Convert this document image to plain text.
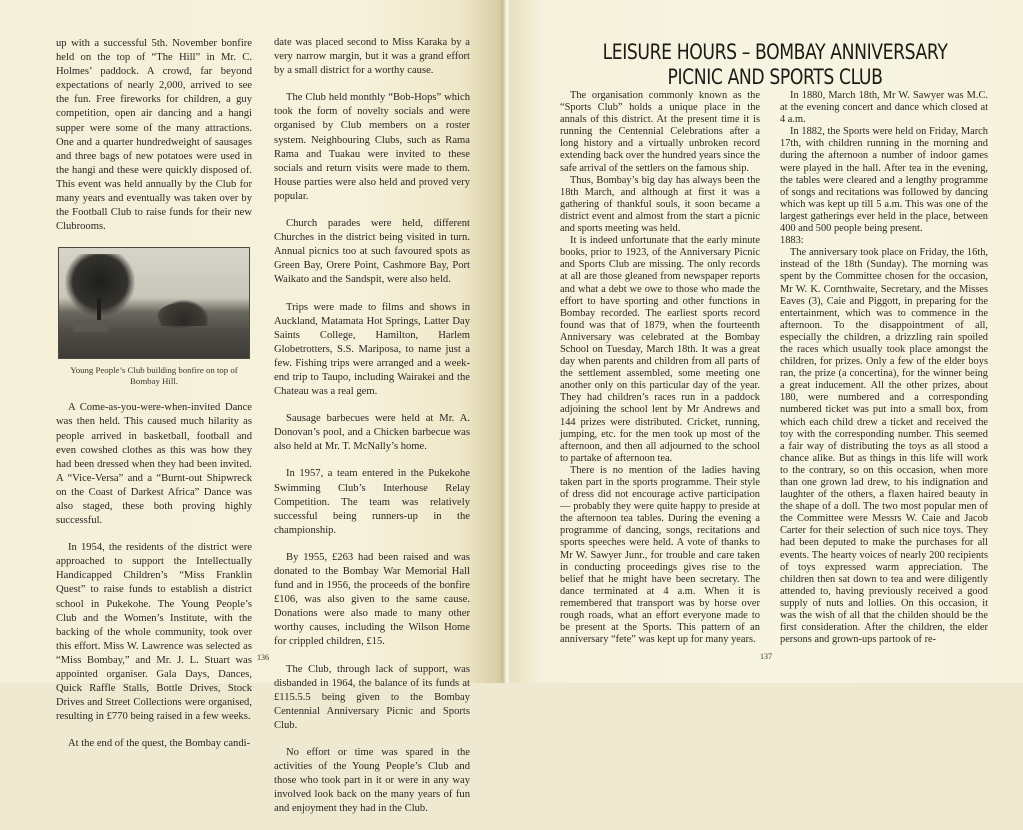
up with a successful 5th. November bonfire held on the top of “The Hill” in Mr. C. Holmes’ paddock. A crowd, far beyond expectations of nearly 2,000, arrived to see the fun. Free fireworks for children, a guy competition, open air dancing and a hangi supper were some of the many attractions. One and a quarter hundredweight of sausages and three bags of new potatoes were used in the hangi and these were quickly disposed of. This event was held annually by the Club for many years and eventually was taken over by the Football Club to raise funds for their new Clubrooms.

Young People’s Club building bonfire on top of Bombay Hill.

A Come-as-you-were-when-invited Dance was then held. This caused much hilarity as people arrived in basketball, football and even cowshed clothes as this was how they had been dressed when they had been invited. A “Vice-Versa” and a “Burnt-out Shipwreck on the Coast of Darkest Africa” Dance was also staged, these both proving highly successful.

In 1954, the residents of the district were approached to support the Intellectually Handicapped Children’s “Miss Franklin Quest” to raise funds to establish a district school in Pukekohe. The Young People’s Club and the Women’s Institute, with the backing of the whole community, took over this effort. Miss W. Lawrence was selected as “Miss Bombay,” and Mr. J. L. Stuart was appointed organiser. Gala Days, Dances, Quick Raffle Stalls, Bottle Drives, Stock Drives and Street Collections were organised, resulting in £770 being raised in a few weeks.

At the end of the quest, the Bombay candi-

date was placed second to Miss Karaka by a very narrow margin, but it was a grand effort by a small district for a worthy cause.

The Club held monthly “Bob-Hops” which took the form of novelty socials and were organised by Club members on a roster system. Neighbouring Clubs, such as Rama Rama and Tuakau were invited to these socials and return visits were made to them. House parties were also held and proved very popular.

Church parades were held, different Churches in the district being visited in turn. Annual picnics too at such favoured spots as Green Bay, Orere Point, Cashmore Bay, Port Waikato and the Sandspit, were also held.

Trips were made to films and shows in Auckland, Matamata Hot Springs, Latter Day Saints College, Hamilton, Harlem Globetrotters, S.S. Mariposa, to name just a few. Fishing trips were arranged and a week-end trip to Taupo, including Wairakei and the Chateau was a real gem.

Sausage barbecues were held at Mr. A. Donovan’s pool, and a Chicken barbecue was also held at Mr. T. McNally’s home.

In 1957, a team entered in the Pukekohe Swimming Club’s Interhouse Relay Competition. The team was relatively successful being runners-up in the championship.

By 1955, £263 had been raised and was donated to the Bombay War Memorial Hall fund and in 1956, the proceeds of the bonfire £106, was also given to the same cause. Donations were also made to many other worthy causes, including the Wilson Home for crippled children, £15.

The Club, through lack of support, was disbanded in 1964, the balance of its funds at £115.5.5 being given to the Bombay Centennial Anniversary Picnic and Sports Club.

No effort or time was spared in the activities of the Young People’s Club and those who took part in it or were in any way involved look back on the many years of fun and enjoyment they had in the Club.

136
LEISURE HOURS – BOMBAY ANNIVERSARY
PICNIC AND SPORTS CLUB

The organisation commonly known as the “Sports Club” holds a unique place in the annals of this district. At the present time it is running the Centennial Celebrations after a long history and a virtually unbroken record extending back over the hundred years since the safe arrival of the settlers on the famous ship.

Thus, Bombay’s big day has always been the 18th March, and although at first it was a gathering of thankful souls, it soon became a district event and almost from the start a picnic and sports meeting was held.

It is indeed unfortunate that the early minute books, prior to 1923, of the Anniversary Picnic and Sports Club are missing. The only records at all are those gleaned from newspaper reports and what a debt we owe to those who made the effort to have sporting and other functions in Bombay recorded. The earliest sports record found was that of 1879, when the fourteenth Anniversary was celebrated at the Bombay School on Tuesday, March 18th. It was a great day when parents and children from all parts of the settlement assembled, some meeting one another only on this particular day of the year. They had children’s races run in a paddock adjoining the school lent by Mr Andrews and 144 prizes were distributed. Cricket, running, jumping, etc. for the men took up most of the afternoon, and then all adjourned to the school to partake of afternoon tea.

There is no mention of the ladies having taken part in the sports programme. Their style of dress did not encourage active participation — probably they were quite happy to preside at the afternoon tea tables. During the evening a programme of dancing, songs, recitations and sports speeches were held. A vote of thanks to Mr W. Sawyer Junr., for trouble and care taken in conducting proceedings gives rise to the belief that he might have been secretary. The dance terminated at 4 a.m. When it is remembered that transport was by horse over rough roads, what an effort everyone made to be present at the Sports. This pattern of an anniversary “fete” was kept up for many years.

In 1880, March 18th, Mr W. Sawyer was M.C. at the evening concert and dance which closed at 4 a.m.

In 1882, the Sports were held on Friday, March 17th, with children running in the morning and during the afternoon a number of indoor games were played in the hall. After tea in the evening, the tables were cleared and a lengthy programme of songs and recitations was followed by dancing which was kept up till 5 a.m. This was one of the largest gatherings ever held in the place, between 400 and 500 people being present.

1883:

The anniversary took place on Friday, the 16th, instead of the 18th (Sunday). The morning was spent by the Committee chosen for the occasion, Mr W. K. Cornthwaite, Secretary, and the Misses Eaves (3), Caie and Piggott, in preparing for the entertainment, which was to commence in the afternoon. To the disappointment of all, especially the children, a drizzling rain spoiled the races which usually took place amongst the children, for prizes. Only a few of the elder boys ran, the prize (a concertina), for the winner being a great inducement. All the other prizes, about 180, were numbered and a corresponding numbered ticket was put into a small box, from which each child drew a ticket and received the toy with the corresponding number. This seemed a fair way of distributing the toys as all stood a chance alike. But as things in this life will work to the contrary, so on this occasion, when more than one grown lad drew, to his indignation and laughter of the others, a flaxen haired beauty in the shape of a doll. The two most popular men of the Committee were Messrs W. Caie and Jacob Carter for their selection of such nice toys. They had been deputed to make the purchases for all events. The hearty voices of nearly 200 recipients of toys expressed warm appreciation. The children then sat down to tea and were diligently attended to, having previously received a good supply of nuts and lollies. On this occasion, it was the wish of all that the childen should be the first consideration. After the children, the elder persons and grown-ups partook of re-

137
